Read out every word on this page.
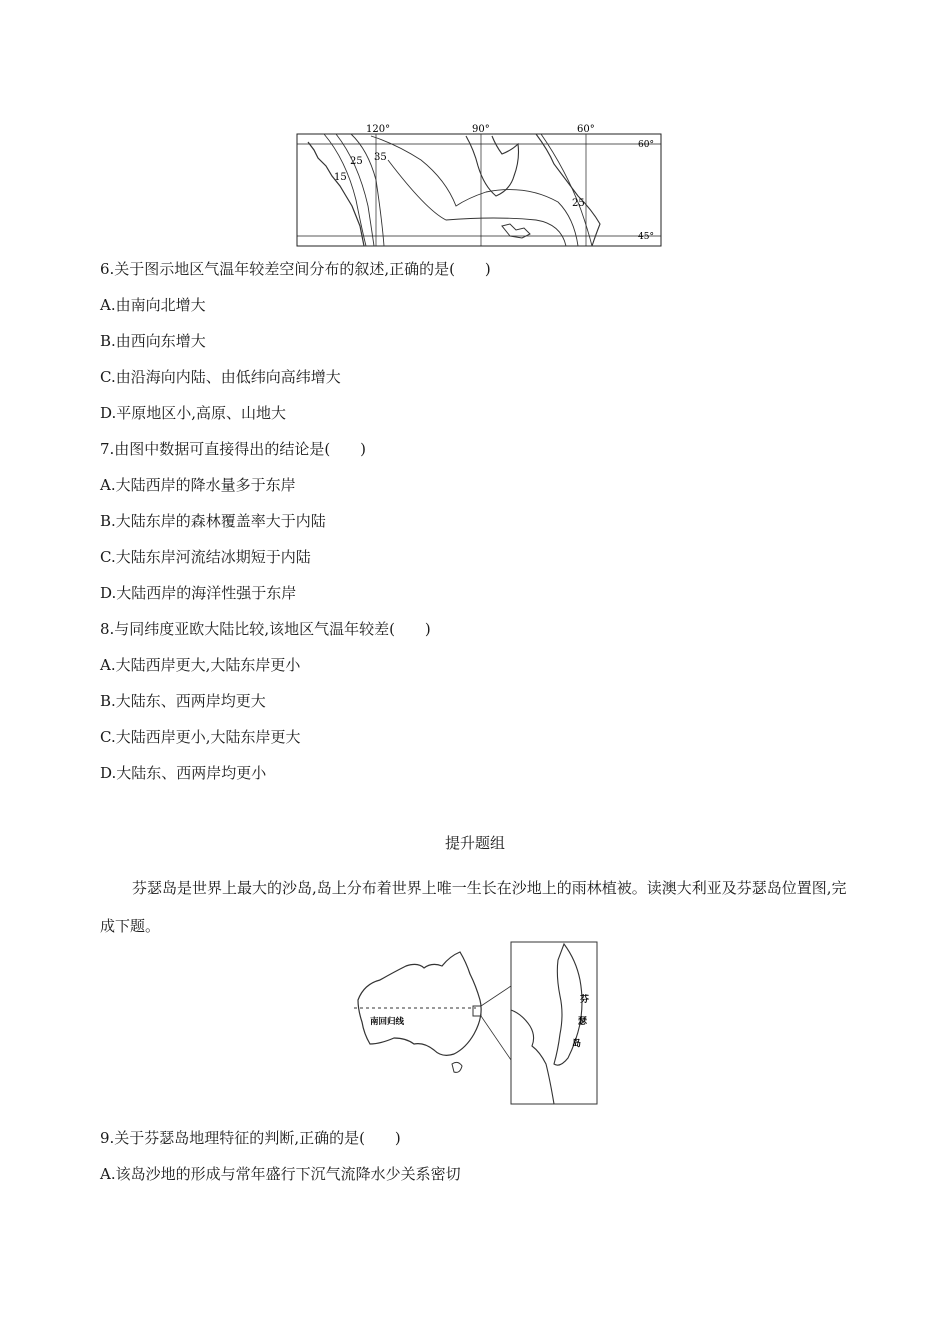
120°	90°	60°
60°
45°
35
25
15
25
6.关于图示地区气温年较差空间分布的叙述,正确的是(　　)
A.由南向北增大
B.由西向东增大
C.由沿海向内陆、由低纬向高纬增大
D.平原地区小,高原、山地大
7.由图中数据可直接得出的结论是(　　)
A.大陆西岸的降水量多于东岸
B.大陆东岸的森林覆盖率大于内陆
C.大陆东岸河流结冰期短于内陆
D.大陆西岸的海洋性强于东岸
8.与同纬度亚欧大陆比较,该地区气温年较差(　　)
A.大陆西岸更大,大陆东岸更小
B.大陆东、西两岸均更大
C.大陆西岸更小,大陆东岸更大
D.大陆东、西两岸均更小
提升题组
芬瑟岛是世界上最大的沙岛,岛上分布着世界上唯一生长在沙地上的雨林植被。读澳大利亚及芬瑟岛位置图,完成下题。
南回归线
芬
瑟
岛
9.关于芬瑟岛地理特征的判断,正确的是(　　)
A.该岛沙地的形成与常年盛行下沉气流降水少关系密切
